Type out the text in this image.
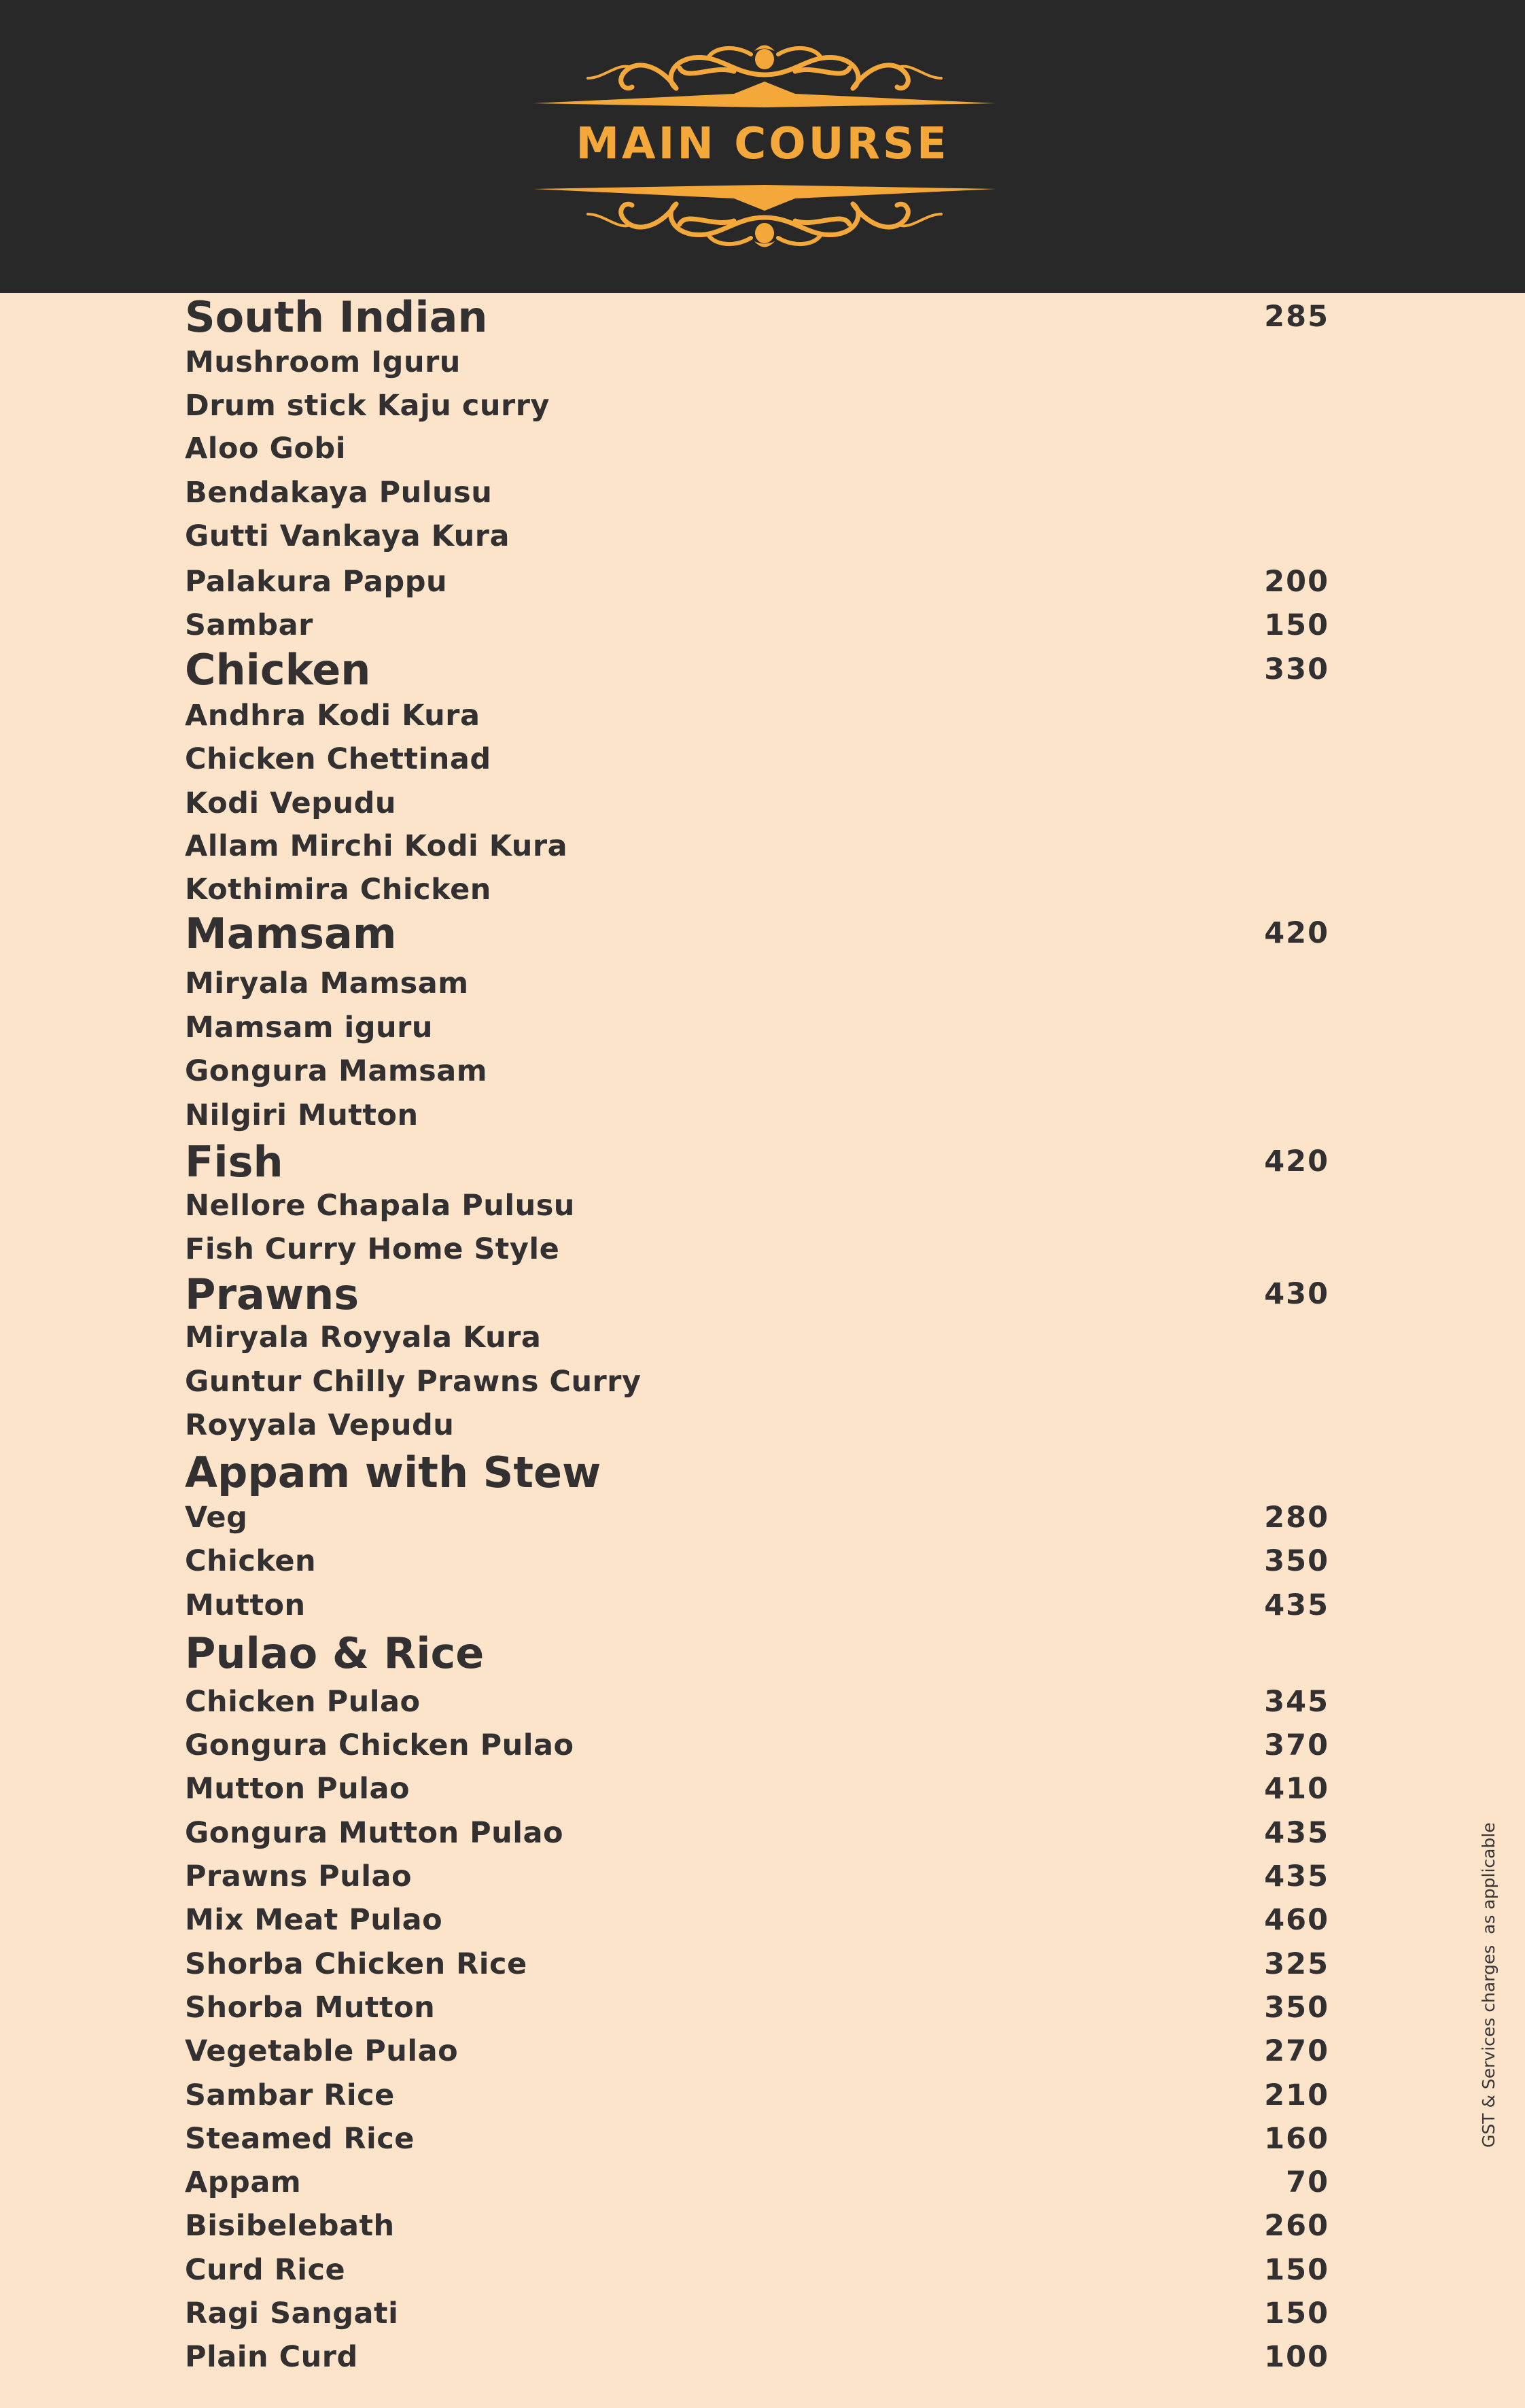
MAIN COURSE
South Indian	285
Mushroom Iguru
Drum stick Kaju curry
Aloo Gobi
Bendakaya Pulusu
Gutti Vankaya Kura
Palakura Pappu	200
Sambar	150
Chicken	330
Andhra Kodi Kura
Chicken Chettinad
Kodi Vepudu
Allam Mirchi Kodi Kura
Kothimira Chicken
Mamsam	420
Miryala Mamsam
Mamsam iguru
Gongura Mamsam
Nilgiri Mutton
Fish	420
Nellore Chapala Pulusu
Fish Curry Home Style
Prawns	430
Miryala Royyala Kura
Guntur Chilly Prawns Curry
Royyala Vepudu
Appam with Stew
Veg	280
Chicken	350
Mutton	435
Pulao & Rice
Chicken Pulao	345
Gongura Chicken Pulao	370
Mutton Pulao	410
Gongura Mutton Pulao	435
Prawns Pulao	435
Mix Meat Pulao	460
Shorba Chicken Rice	325
Shorba Mutton	350
Vegetable Pulao	270
Sambar Rice	210
Steamed Rice	160
Appam	70
Bisibelebath	260
Curd Rice	150
Ragi Sangati	150
Plain Curd	100
GST & Services charges  as applicable
